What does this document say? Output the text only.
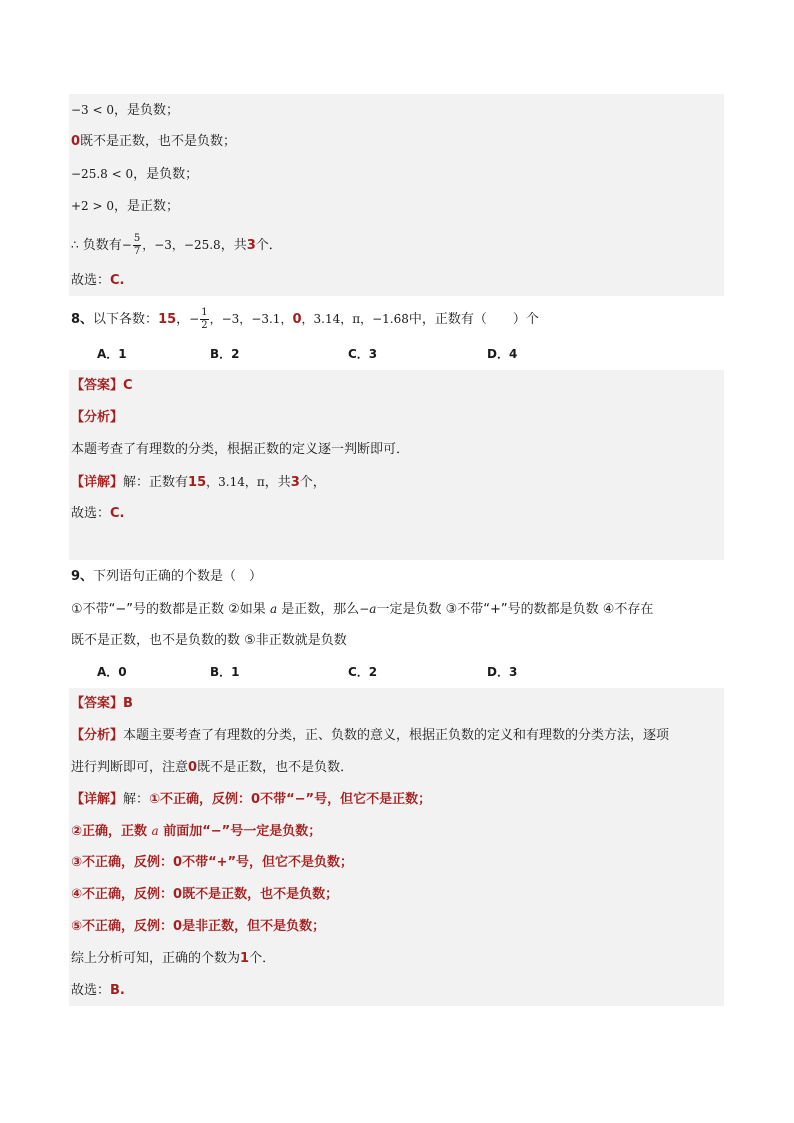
−3 < 0，是负数；
0既不是正数，也不是负数；
−25.8 < 0，是负数；
+2 > 0，是正数；
∴ 负数有− $\frac{5}{7}$ ，−3，−25.8，共3个．
故选：C.
8、以下各数：15，− $\frac{1}{2}$ ，−3，−3.1，0，3.14，π，−1.6̇8̇中，正数有（　　）个
A．1	B．2	C．3	D．4
【答案】C
【分析】
本题考查了有理数的分类，根据正数的定义逐一判断即可．
【详解】解：正数有15，3.14，π，共3个，
故选：C.
9、下列语句正确的个数是（　）
①不带“−”号的数都是正数 ②如果 a 是正数，那么−a一定是负数 ③不带“+”号的数都是负数 ④不存在
既不是正数，也不是负数的数 ⑤非正数就是负数
A．0	B．1	C．2	D．3
【答案】B
【分析】本题主要考查了有理数的分类，正、负数的意义，根据正负数的定义和有理数的分类方法，逐项
进行判断即可，注意0既不是正数，也不是负数．
【详解】解：①不正确，反例：0不带“−”号，但它不是正数；
②正确，正数 a 前面加“−”号一定是负数；
③不正确，反例：0不带“+”号，但它不是负数；
④不正确，反例：0既不是正数，也不是负数；
⑤不正确，反例：0是非正数，但不是负数；
综上分析可知，正确的个数为1个．
故选：B.
